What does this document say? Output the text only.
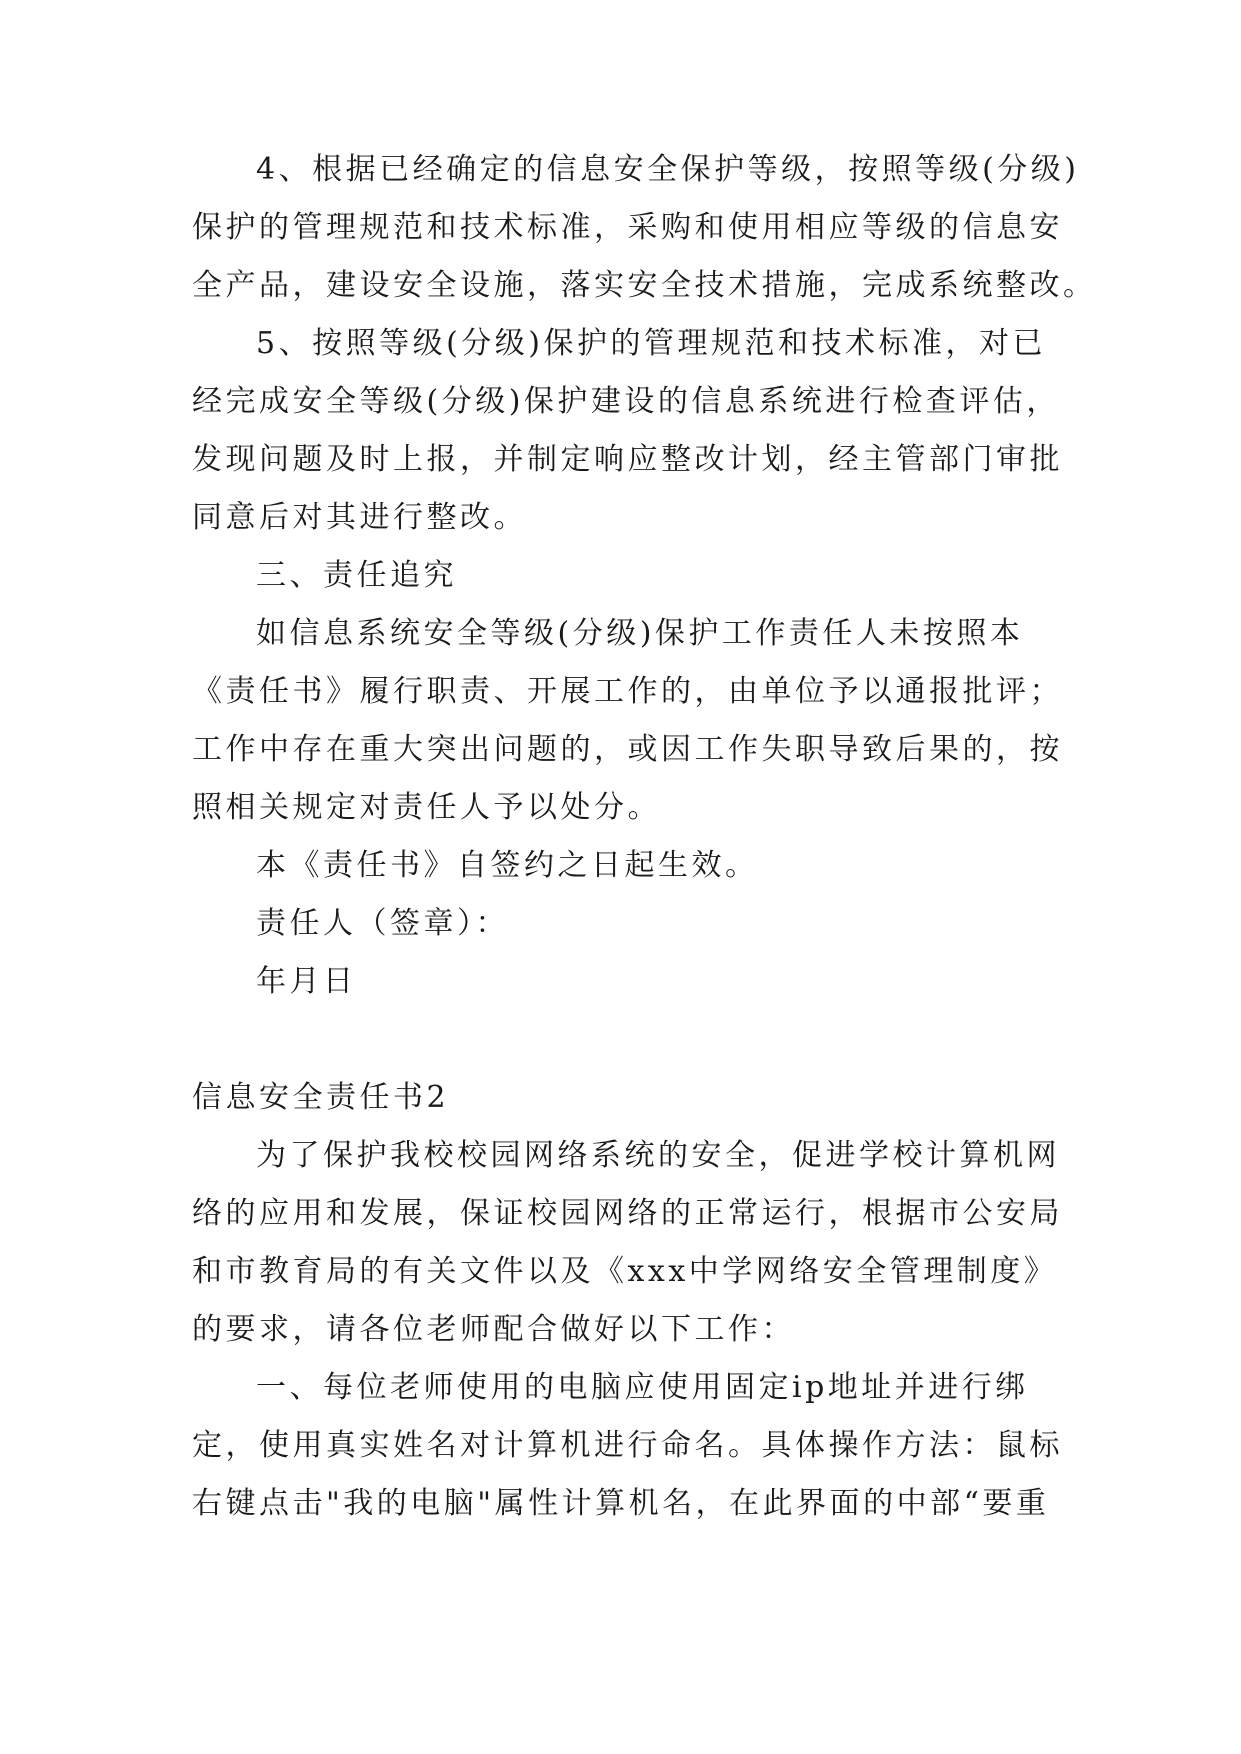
4、根据已经确定的信息安全保护等级，按照等级(分级)
保护的管理规范和技术标准，采购和使用相应等级的信息安
全产品，建设安全设施，落实安全技术措施，完成系统整改。
5、按照等级(分级)保护的管理规范和技术标准，对已
经完成安全等级(分级)保护建设的信息系统进行检查评估，
发现问题及时上报，并制定响应整改计划，经主管部门审批
同意后对其进行整改。
三、责任追究
如信息系统安全等级(分级)保护工作责任人未按照本
《责任书》履行职责、开展工作的，由单位予以通报批评；
工作中存在重大突出问题的，或因工作失职导致后果的，按
照相关规定对责任人予以处分。
本《责任书》自签约之日起生效。
责任人（签章）：
年月日
信息安全责任书2
为了保护我校校园网络系统的安全，促进学校计算机网
络的应用和发展，保证校园网络的正常运行，根据市公安局
和市教育局的有关文件以及《xxx中学网络安全管理制度》
的要求，请各位老师配合做好以下工作：
一、每位老师使用的电脑应使用固定ip地址并进行绑
定，使用真实姓名对计算机进行命名。具体操作方法：鼠标
右键点击"我的电脑"属性计算机名，在此界面的中部“要重
